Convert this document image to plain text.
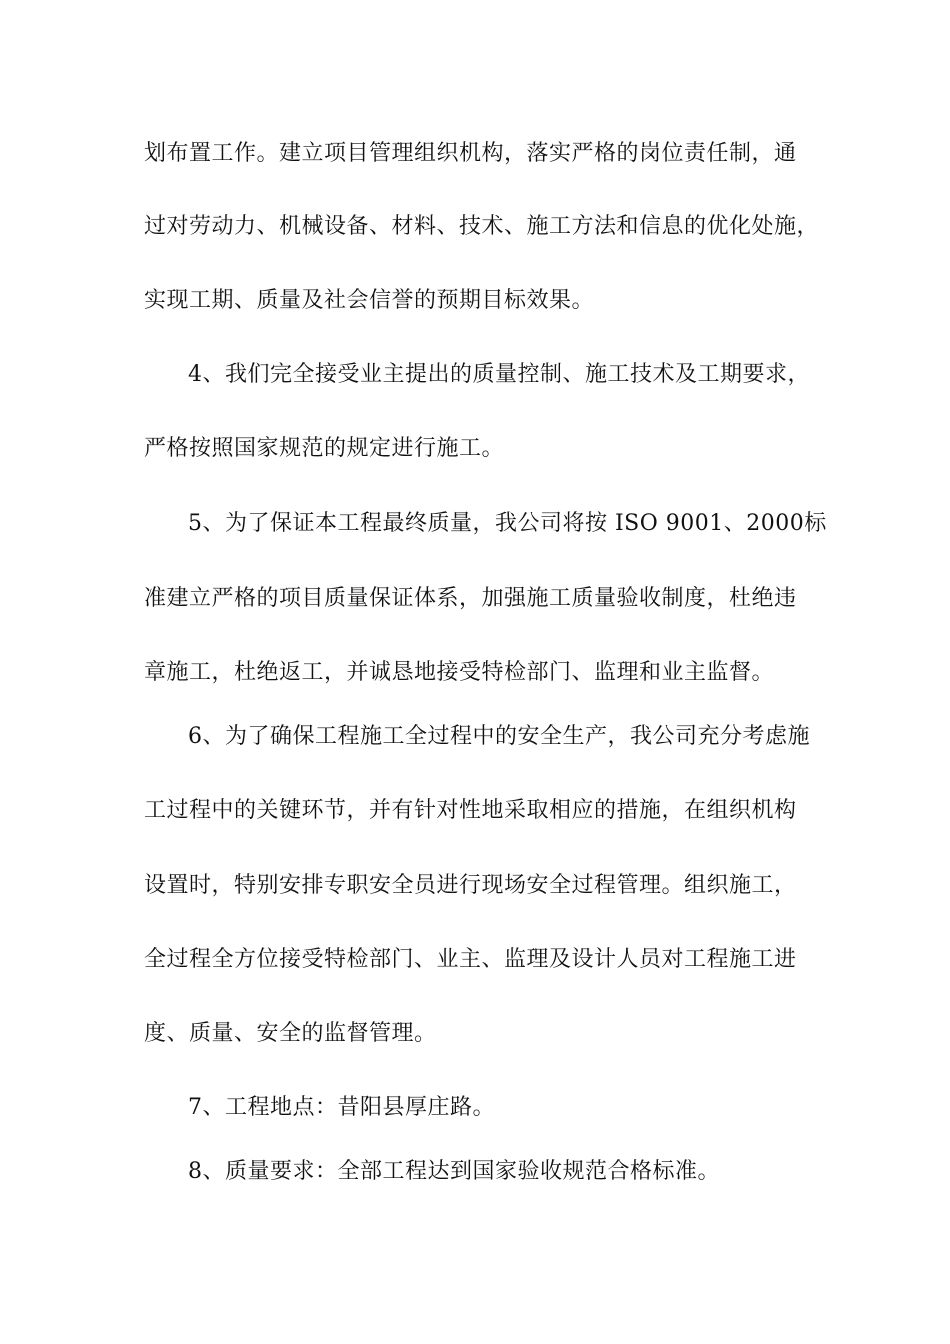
划布置工作。建立项目管理组织机构，落实严格的岗位责任制，通
过对劳动力、机械设备、材料、技术、施工方法和信息的优化处施，
实现工期、质量及社会信誉的预期目标效果。
4、我们完全接受业主提出的质量控制、施工技术及工期要求，
严格按照国家规范的规定进行施工。
5、为了保证本工程最终质量，我公司将按 ISO 9001、2000标
准建立严格的项目质量保证体系，加强施工质量验收制度，杜绝违
章施工，杜绝返工，并诚恳地接受特检部门、监理和业主监督。
6、为了确保工程施工全过程中的安全生产，我公司充分考虑施
工过程中的关键环节，并有针对性地采取相应的措施，在组织机构
设置时，特别安排专职安全员进行现场安全过程管理。组织施工，
全过程全方位接受特检部门、业主、监理及设计人员对工程施工进
度、质量、安全的监督管理。
7、工程地点：昔阳县厚庄路。
8、质量要求：全部工程达到国家验收规范合格标准。
